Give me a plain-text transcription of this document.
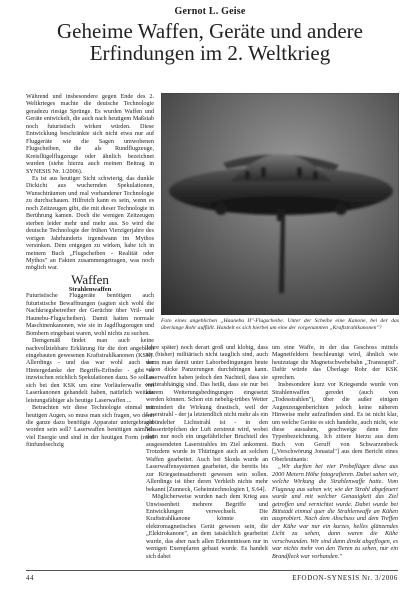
Gernot L. Geise
Geheime Waffen, Geräte und andere
Erfindungen im 2. Weltkrieg

Während und insbesondere gegen Ende des 2. Weltkrieges machte die deutsche Technologie geradezu riesige Sprünge. Es wurden Waffen und Geräte entwickelt, die auch nach heutigem Maßstab noch futuristisch wirken würden. Diese Entwicklung beschränkte sich nicht etwa nur auf Fluggeräte wie die Sagen umwobenen Flugscheiben, die als Rundflugzeuge, Kreisflügelflugzeuge oder ähnlich bezeichnet wurden (siehe hierzu auch meinen Beitrag in SYNESIS Nr. 1/2006).

Es ist aus heutiger Sicht schwierig, das dunkle Dickicht aus wuchernden Spekulationen, Wunschträumen und real vorhandener Technologie zu durchschauen. Hilfreich kann es sein, wenn es noch Zeitzeugen gibt, die mit dieser Technologie in Berührung kamen. Doch die wenigen Zeitzeugen sterben leider mehr und mehr aus. So wird die deutsche Technologie der frühen Vierzigerjahre des vorigen Jahrhunderts irgendwann im Mythos versinken. Dem entgegen zu wirken, habe ich in meinem Buch „Flugscheiben - Realität oder Mythos" an Fakten zusammengetragen, was noch möglich war.

Waffen

Strahlenwaffen

Futuristische Fluggeräte benötigen auch futuristische Bewaffnungen (sagten sich wohl die Nachkriegsbetreiber der Gerüchte über Vril- und Haunebu-Flugscheiben). Damit hatten normale Maschinenkanonen, wie sie in Jagdflugzeugen und Bombern eingebaut waren, wohl nichts zu suchen.

Demgemäß findet man auch keine nachvollziehbare Erklärung für die dort angeblich eingebauten gewesenen Kraftstrahlkanonen (KSK). Allerdings - und das war wohl auch der Hintergedanke der Begriffs-Erfinder - gibt es inzwischen reichlich Spekulationen dazu. So soll es sich bei den KSK um eine Vorläuferwaffe von Laserkanonen gehandelt haben, natürlich weitaus leistungsfähiger als heutige Laserwaffen ...

Betrachten wir diese Technologie einmal mit heutigen Augen, so muss man sich fragen, wo denn die ganze dazu benötigte Apparatur untergebracht worden sein soll? Laserwaffen benötigen nämlich viel Energie und sind in der heutigen Form (rund fünfundsechzig

Foto eines angeblichen „Haunebu II"-Flugscheibe. Unter der Scheibe eine Kanone, bei der das überlange Rohr auffällt. Handelt es sich hierbei um eine der vorgenannten „Kraftstrahlkanonen"?

Jahre später) noch derart groß und klobig, dass sie (bisher) militärisch nicht tauglich sind, auch wenn man damit unter Laborbedingungen heute schon dicke Panzerungen durchdringen kann. Laserwaffen haben jedoch den Nachteil, dass sie wetterabhängig sind. Das heißt, dass sie nur bei klarem Wetterungsbedingungen eingesetzt werden können. Schon ein nebelig-trübes Wetter vermindert die Wirkung drastisch, weil der Laserstrahl - der ja letztendlich nicht mehr als ein gebündelter Lichtstrahl ist - in den Wassertröpfchen der Luft zerstreut wird, wobei dann nur noch ein ungefährlicher Bruchteil des ausgesendeten Laserstrahles im Ziel ankommt. Trotzdem wurde in Thüringen auch an solchen Waffen gearbeitet. Auch bei Skoda wurde an Laserwaffensystemen gearbeitet, die bereits bis zur Kriegseinsatzbereit gewesen sein sollen. Allerdings ist über deren Verbleib nichts mehr bekannt [Zunneck, Geheimtechnologien I, S.64].

Möglicherweise wurden nach dem Krieg aus Unwissenheit mehrere Begriffe und Entwicklungen verwechselt. Die Kraftstrahlkanone könnte ein elektromagnetisches Gerät gewesen sein, die „Elektrokanone", an dem tatsächlich gearbeitet wurde, das aber nach allen Erkenntnissen nur in wenigen Exemplaren gebaut wurde. Es handelt sich dabei

um eine Waffe, in der das Geschoss mittels Magnetfeldern beschleunigt wird, ähnlich wie heutzutage die Magnetschwebebahn „Transrapid". Dafür würde das Überlage Rohr der KSK sprechen.

Insbesondere kurz vor Kriegsende wurde von Strahlenwaffen geredet (auch von „Todesstrahlen"), über die außer einigen Augenzeugenberichten jedoch keine näheren Hinweise mehr aufzufinden sind. Es ist nicht klar, um welche Geräte es sich handelte, auch nicht, wie diese aussahen, geschweige denn ihre Typenbezeichnung. Ich zitiere hierzu aus dem Buch von Geruff von Schwarzenbeck [„Verschwörung Jonastal"] aus dem Bericht eines Oberleutnants:

„Wir durften bei vier Probeflügen diese aus 2000 Metern Höhe fotografieren. Dabei sahen wir, welche Wirkung die Strahlenwaffe hatte. Vom Flugzeug aus sahen wir, wie der Strahl abgefeuert wurde und mit welcher Genauigkeit das Ziel getroffen und vernichtet wurde. Dabei wurde bei Bittstadt einmal quer die Strahlenwaffe an Kühen ausprobiert. Nach dem Abschuss und dem Treffen der Kühe war nur ein kurzes, helles glänzendes Licht zu sehen, dann waren die Kühe verschwunden. Wir sind dann direkt abgeflogen, es war nichts mehr von den Tieren zu sehen, nur ein Brandfleck war vorhanden."

44	EFODON-SYNESIS Nr. 3/2006
